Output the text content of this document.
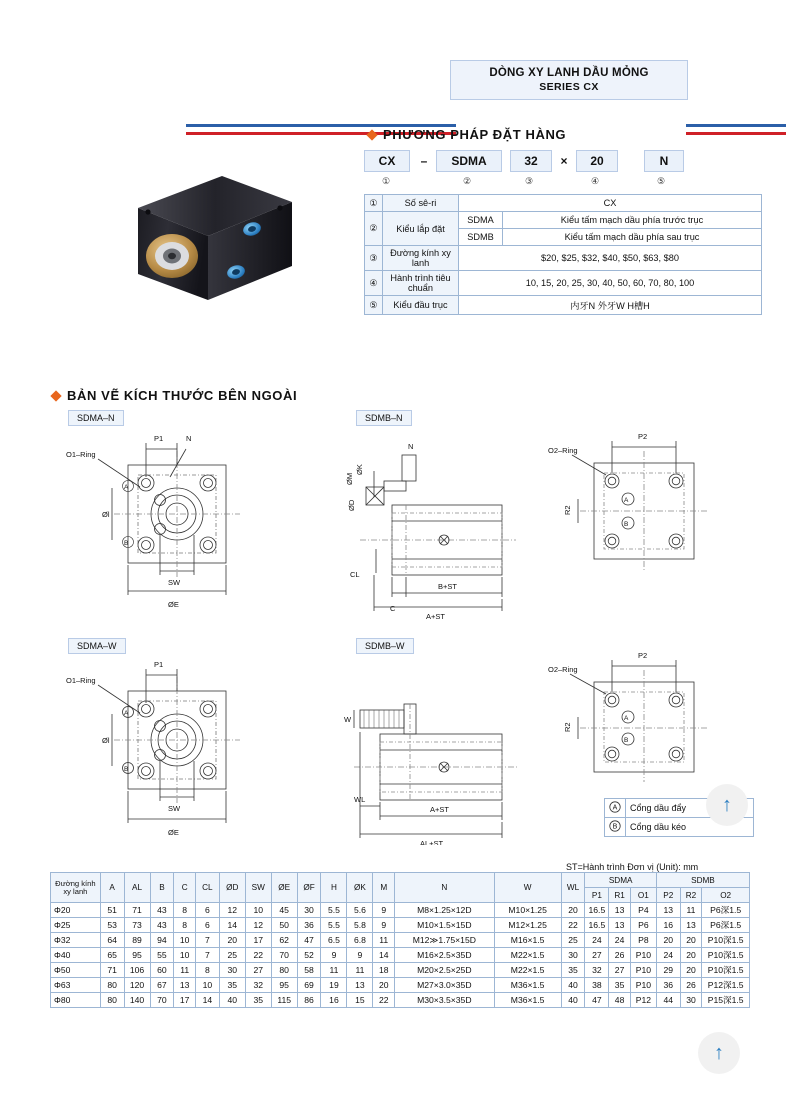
DÒNG XY LANH DẦU MỎNG
SERIES CX
PHƯƠNG PHÁP ĐẶT HÀNG
CX	–	SDMA	32	×	20	N
①	②	③	④	⑤
①	Số sê-ri	CX	
②	Kiểu lắp đặt	SDMA	Kiểu tấm mạch dầu phía trước trục
		SDMB	Kiểu tấm mạch dầu phía sau trục
③	Đường kính xy lanh	$20, $25, $32, $40, $50, $63, $80	
④	Hành trình tiêu chuẩn	10, 15, 20, 25, 30, 40, 50, 60, 70, 80, 100	
⑤	Kiểu đầu trục	内牙N 外牙W H槽H	
BẢN VẼ KÍCH THƯỚC BÊN NGOÀI
SDMA–N	SDMB–N
SDMA–W	SDMB–W
P1	N
O1–Ring
Øl
SW
ØE
A
B
N
ØK
ØM
ØD
CL
C
B+ST
A+ST
P2
O2–Ring
R2
A
B
P1
O1–Ring
Øl
SW
ØE
A
B
W
WL
A+ST
AL+ST
P2
O2–Ring
R2
A
B
A	Cổng dầu đẩy

B	Cổng dầu kéo
ST=Hành trình Đơn vị (Unit): mm
Đường kính xy lanh	A	AL	B	C	CL	ØD	SW	ØE	ØF	H	ØK	M	N	W	WL	SDMA			SDMB		
																P1	R1	O1	P2	R2	O2
Φ20	51	71	43	8	6	12	10	45	30	5.5	5.6	9	M8×1.25×12D	M10×1.25	20	16.5	13	P4	13	11	P6深1.5
Φ25	53	73	43	8	6	14	12	50	36	5.5	5.8	9	M10×1.5×15D	M12×1.25	22	16.5	13	P6	16	13	P6深1.5
Φ32	64	89	94	10	7	20	17	62	47	6.5	6.8	11	M12≫1.75×15D	M16×1.5	25	24	24	P8	20	20	P10深1.5
Φ40	65	95	55	10	7	25	22	70	52	9	9	14	M16×2.5×35D	M22×1.5	30	27	26	P10	24	20	P10深1.5
Φ50	71	106	60	11	8	30	27	80	58	11	11	18	M20×2.5×25D	M22×1.5	35	32	27	P10	29	20	P10深1.5
Φ63	80	120	67	13	10	35	32	95	69	19	13	20	M27×3.0×35D	M36×1.5	40	38	35	P10	36	26	P12深1.5
Φ80	80	140	70	17	14	40	35	115	86	16	15	22	M30×3.5×35D	M36×1.5	40	47	48	P12	44	30	P15深1.5
↑
↑
